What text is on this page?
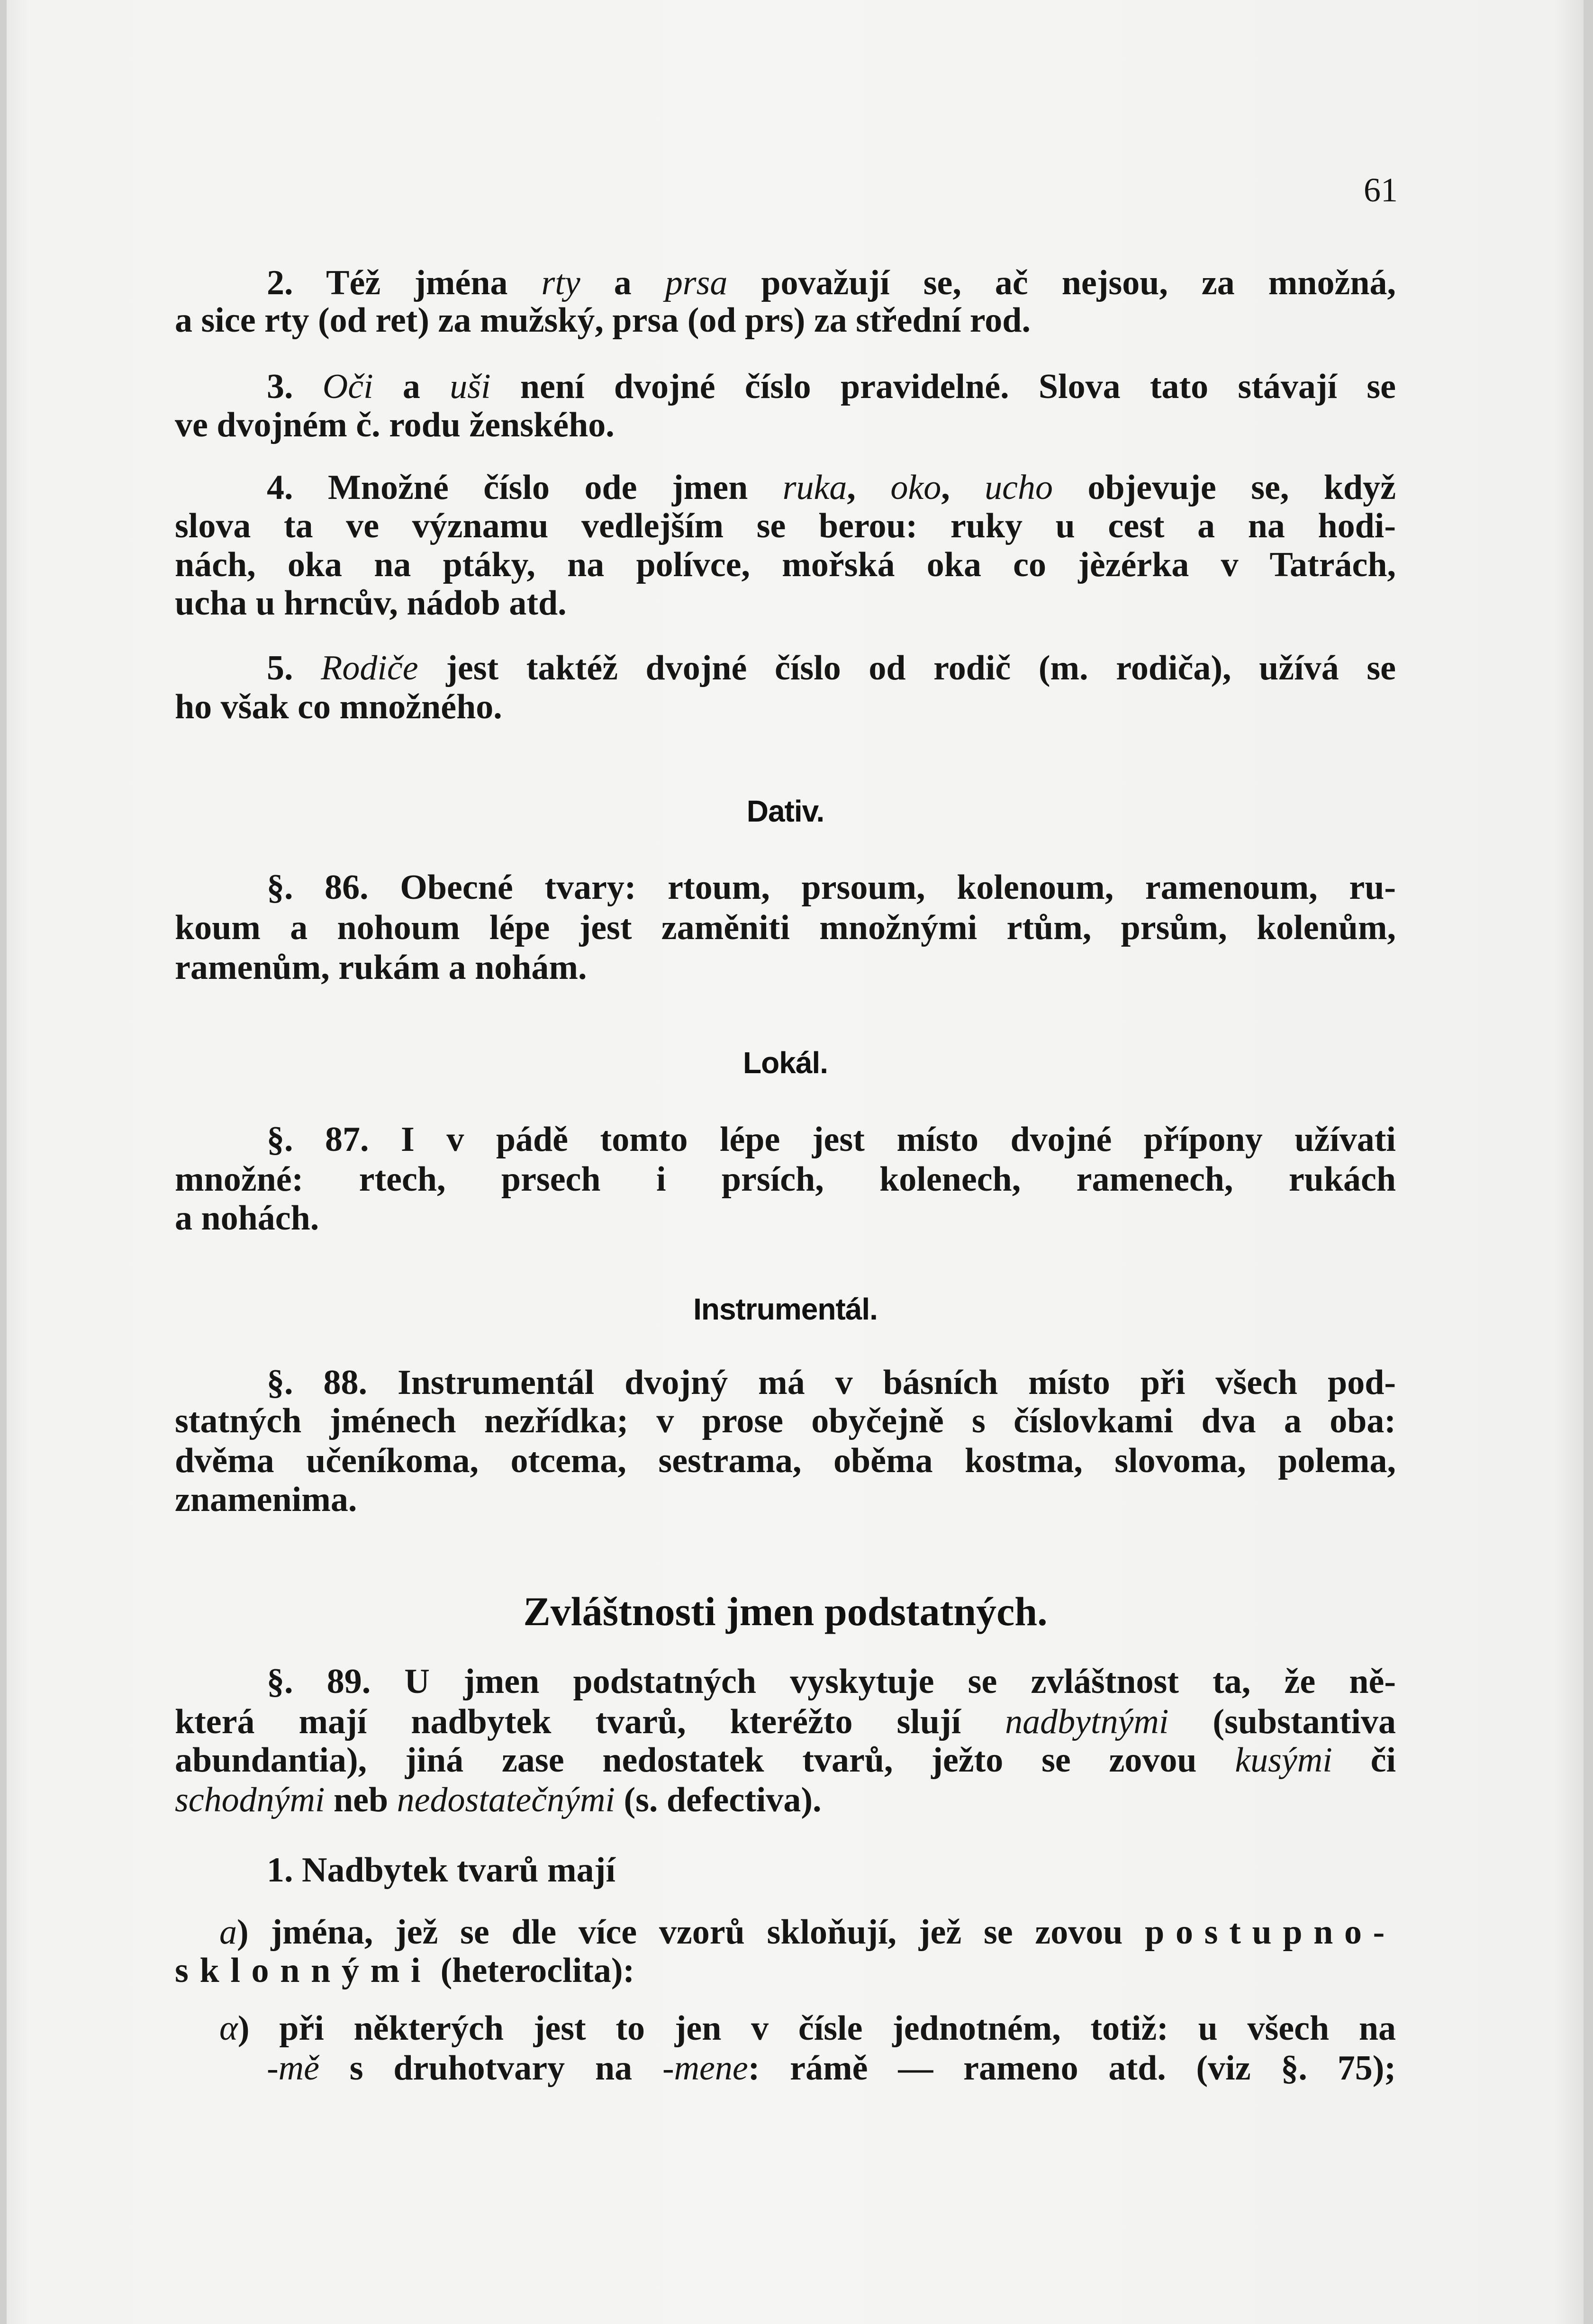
61
2. Též jména rty a prsa považují se, ač nejsou, za množná,
a sice rty (od ret) za mužský, prsa (od prs) za střední rod.
3. Oči a uši není dvojné číslo pravidelné. Slova tato stávají se
ve dvojném č. rodu ženského.
4. Množné číslo ode jmen ruka, oko, ucho objevuje se, když
slova ta ve významu vedlejším se berou: ruky u cest a na hodi-
nách, oka na ptáky, na polívce, mořská oka co jèzérka v Tatrách,
ucha u hrncův, nádob atd.
5. Rodiče jest taktéž dvojné číslo od rodič (m. rodiča), užívá se
ho však co množného.
Dativ.
§. 86. Obecné tvary: rtoum, prsoum, kolenoum, ramenoum, ru-
koum a nohoum lépe jest zaměniti množnými rtům, prsům, kolenům,
ramenům, rukám a nohám.
Lokál.
§. 87. I v pádě tomto lépe jest místo dvojné přípony užívati
množné: rtech, prsech i prsích, kolenech, ramenech, rukách
a nohách.
Instrumentál.
§. 88. Instrumentál dvojný má v básních místo při všech pod-
statných jménech nezřídka; v prose obyčejně s číslovkami dva a oba:
dvěma učeníkoma, otcema, sestrama, oběma kostma, slovoma, polema,
znamenima.
Zvláštnosti jmen podstatných.
§. 89. U jmen podstatných vyskytuje se zvláštnost ta, že ně-
která mají nadbytek tvarů, kteréžto slují nadbytnými (substantiva
abundantia), jiná zase nedostatek tvarů, ježto se zovou kusými či
schodnými neb nedostatečnými (s. defectiva).
1. Nadbytek tvarů mají
a) jména, jež se dle více vzorů skloňují, jež se zovou postupno-
sklonnými (heteroclita):
α) při některých jest to jen v čísle jednotném, totiž: u všech na
-mě s druhotvary na -mene: rámě — rameno atd. (viz §. 75);
